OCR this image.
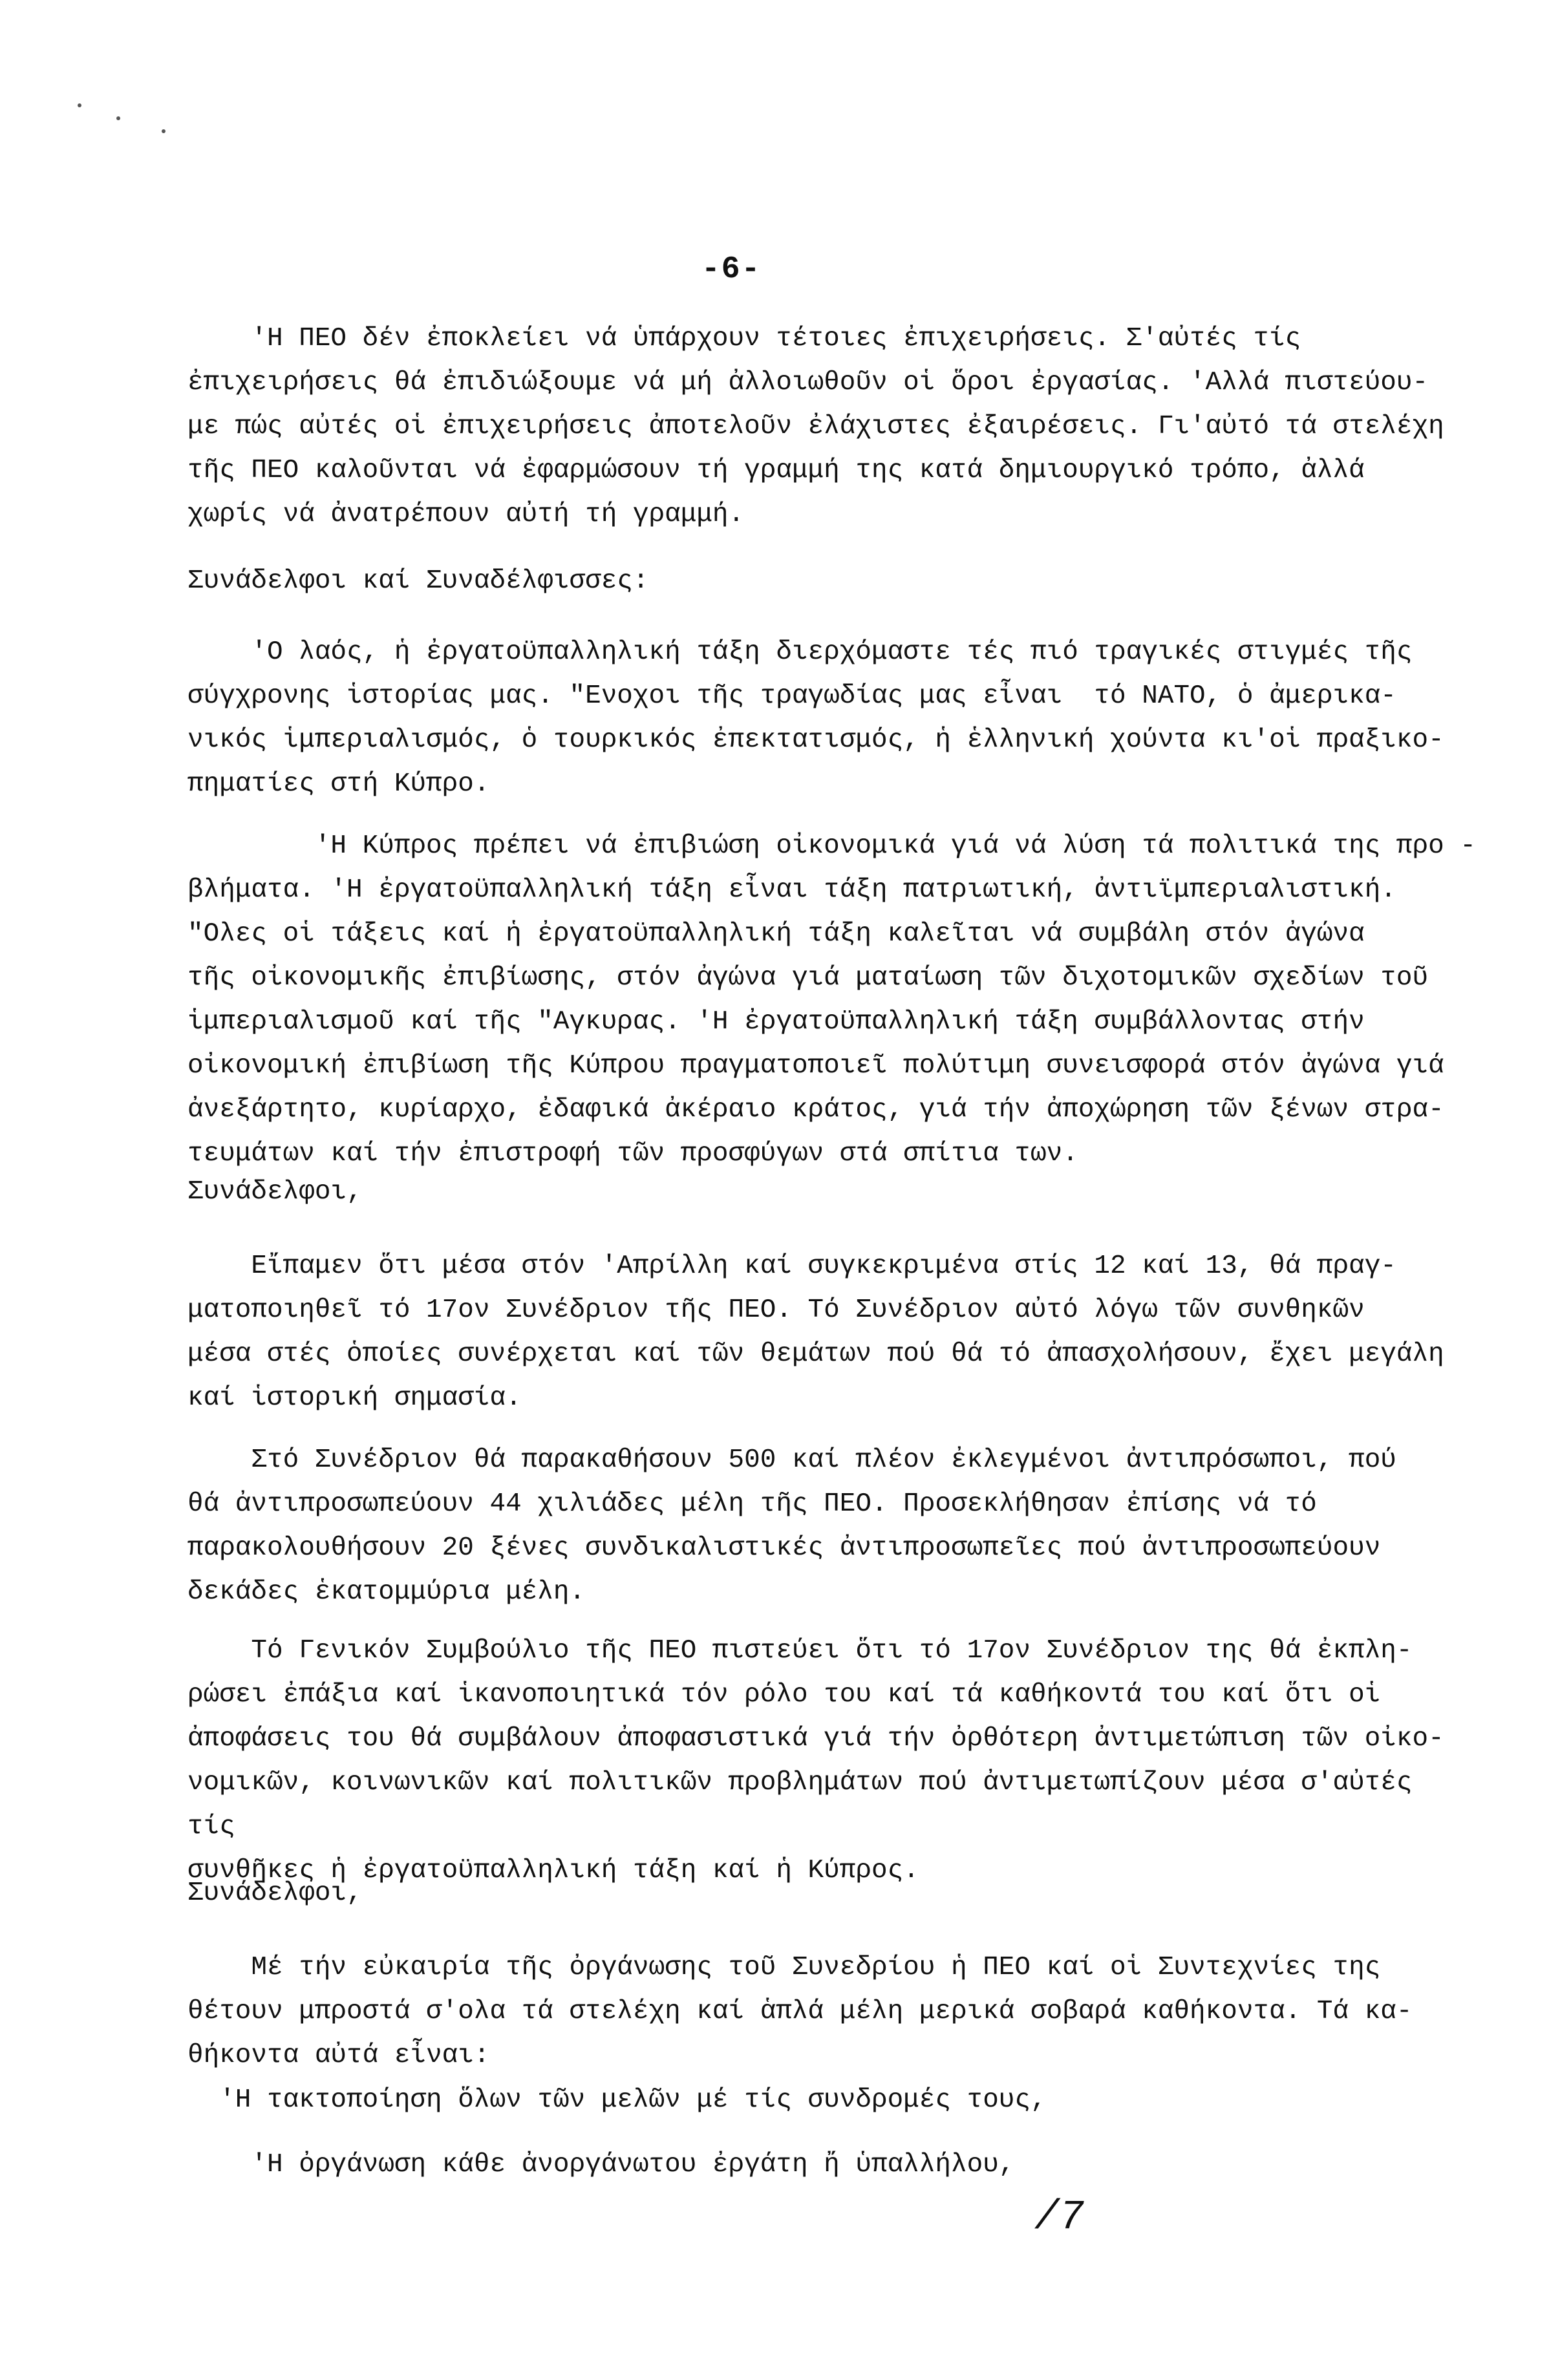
-6-
'Η ΠΕΟ δέν ἐποκλείει νά ὑπάρχουν τέτοιες ἐπιχειρήσεις. Σ'αὐτές τίς
ἐπιχειρήσεις θά ἐπιδιώξουμε νά μή ἀλλοιωθοῦν οἱ ὅροι ἐργασίας. 'Αλλά πιστεύου-
με πώς αὐτές οἱ ἐπιχειρήσεις ἀποτελοῦν ἐλάχιστες ἐξαιρέσεις. Γι'αὐτό τά στελέχη
τῆς ΠΕΟ καλοῦνται νά ἐφαρμώσουν τή γραμμή της κατά δημιουργικό τρόπο, ἀλλά
χωρίς νά ἀνατρέπουν αὐτή τή γραμμή.
Συνάδελφοι καί Συναδέλφισσες:
'Ο λαός, ἡ ἐργατοϋπαλληλική τάξη διερχόμαστε τές πιό τραγικές στιγμές τῆς
σύγχρονης ἱστορίας μας. "Ενοχοι τῆς τραγωδίας μας εἶναι  τό ΝΑΤΟ, ὁ ἀμερικα-
νικός ἱμπεριαλισμός, ὁ τουρκικός ἐπεκτατισμός, ἡ ἑλληνική χούντα κι'οἱ πραξικο-
πηματίες στή Κύπρο.
'Η Κύπρος πρέπει νά ἐπιβιώση οἰκονομικά γιά νά λύση τά πολιτικά της προ -
βλήματα. 'Η ἐργατοϋπαλληλική τάξη εἶναι τάξη πατριωτική, ἀντιϊμπεριαλιστική.
"Ολες οἱ τάξεις καί ἡ ἐργατοϋπαλληλική τάξη καλεῖται νά συμβάλη στόν ἀγώνα
τῆς οἰκονομικῆς ἐπιβίωσης, στόν ἀγώνα γιά ματαίωση τῶν διχοτομικῶν σχεδίων τοῦ
ἱμπεριαλισμοῦ καί τῆς "Αγκυρας. 'Η ἐργατοϋπαλληλική τάξη συμβάλλοντας στήν
οἰκονομική ἐπιβίωση τῆς Κύπρου πραγματοποιεῖ πολύτιμη συνεισφορά στόν ἀγώνα γιά
ἀνεξάρτητο, κυρίαρχο, ἐδαφικά ἀκέραιο κράτος, γιά τήν ἀποχώρηση τῶν ξένων στρα-
τευμάτων καί τήν ἐπιστροφή τῶν προσφύγων στά σπίτια των.
Συνάδελφοι,
Εἴπαμεν ὅτι μέσα στόν 'Απρίλλη καί συγκεκριμένα στίς 12 καί 13, θά πραγ-
ματοποιηθεῖ τό 17ον Συνέδριον τῆς ΠΕΟ. Τό Συνέδριον αὐτό λόγω τῶν συνθηκῶν
μέσα στές ὁποίες συνέρχεται καί τῶν θεμάτων πού θά τό ἀπασχολήσουν, ἔχει μεγάλη
καί ἱστορική σημασία.
Στό Συνέδριον θά παρακαθήσουν 500 καί πλέον ἐκλεγμένοι ἀντιπρόσωποι, πού
θά ἀντιπροσωπεύουν 44 χιλιάδες μέλη τῆς ΠΕΟ. Προσεκλήθησαν ἐπίσης νά τό
παρακολουθήσουν 20 ξένες συνδικαλιστικές ἀντιπροσωπεῖες πού ἀντιπροσωπεύουν
δεκάδες ἑκατομμύρια μέλη.
Τό Γενικόν Συμβούλιο τῆς ΠΕΟ πιστεύει ὅτι τό 17ον Συνέδριον της θά ἐκπλη-
ρώσει ἐπάξια καί ἱκανοποιητικά τόν ρόλο του καί τά καθήκοντά του καί ὅτι οἱ
ἀποφάσεις του θά συμβάλουν ἀποφασιστικά γιά τήν ὀρθότερη ἀντιμετώπιση τῶν οἰκο-
νομικῶν, κοινωνικῶν καί πολιτικῶν προβλημάτων πού ἀντιμετωπίζουν μέσα σ'αὐτές τίς
συνθῆκες ἡ ἐργατοϋπαλληλική τάξη καί ἡ Κύπρος.
Συνάδελφοι,
Μέ τήν εὐκαιρία τῆς ὀργάνωσης τοῦ Συνεδρίου ἡ ΠΕΟ καί οἱ Συντεχνίες της
θέτουν μπροστά σ'ολα τά στελέχη καί ἁπλά μέλη μερικά σοβαρά καθήκοντα. Τά κα-
θήκοντα αὐτά εἶναι:
'Η τακτοποίηση ὅλων τῶν μελῶν μέ τίς συνδρομές τους,
'Η ὀργάνωση κάθε ἀνοργάνωτου ἐργάτη ἤ ὑπαλλήλου,
/7
